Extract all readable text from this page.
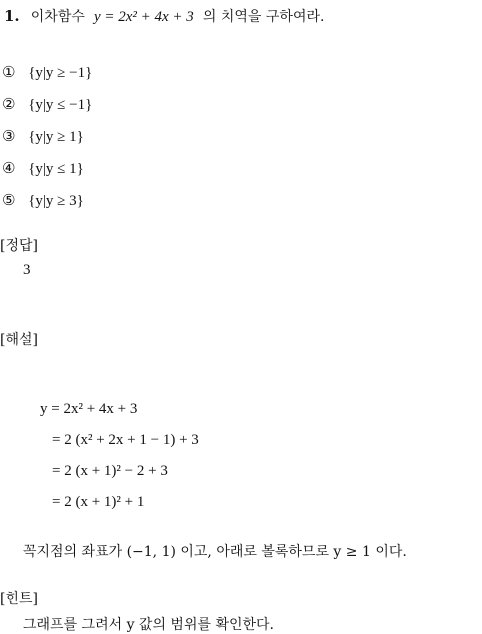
1. 이차함수 y = 2x² + 4x + 3 의 치역을 구하여라.
① {y|y ≥ −1}
② {y|y ≤ −1}
③ {y|y ≥ 1}
④ {y|y ≤ 1}
⑤ {y|y ≥ 3}
[정답]
3
[해설]
y = 2x² + 4x + 3
= 2 (x² + 2x + 1 − 1) + 3
= 2 (x + 1)² − 2 + 3
= 2 (x + 1)² + 1
꼭지점의 좌표가 (−1, 1) 이고, 아래로 볼록하므로 y ≥ 1 이다.
[힌트]
그래프를 그려서 y 값의 범위를 확인한다.
